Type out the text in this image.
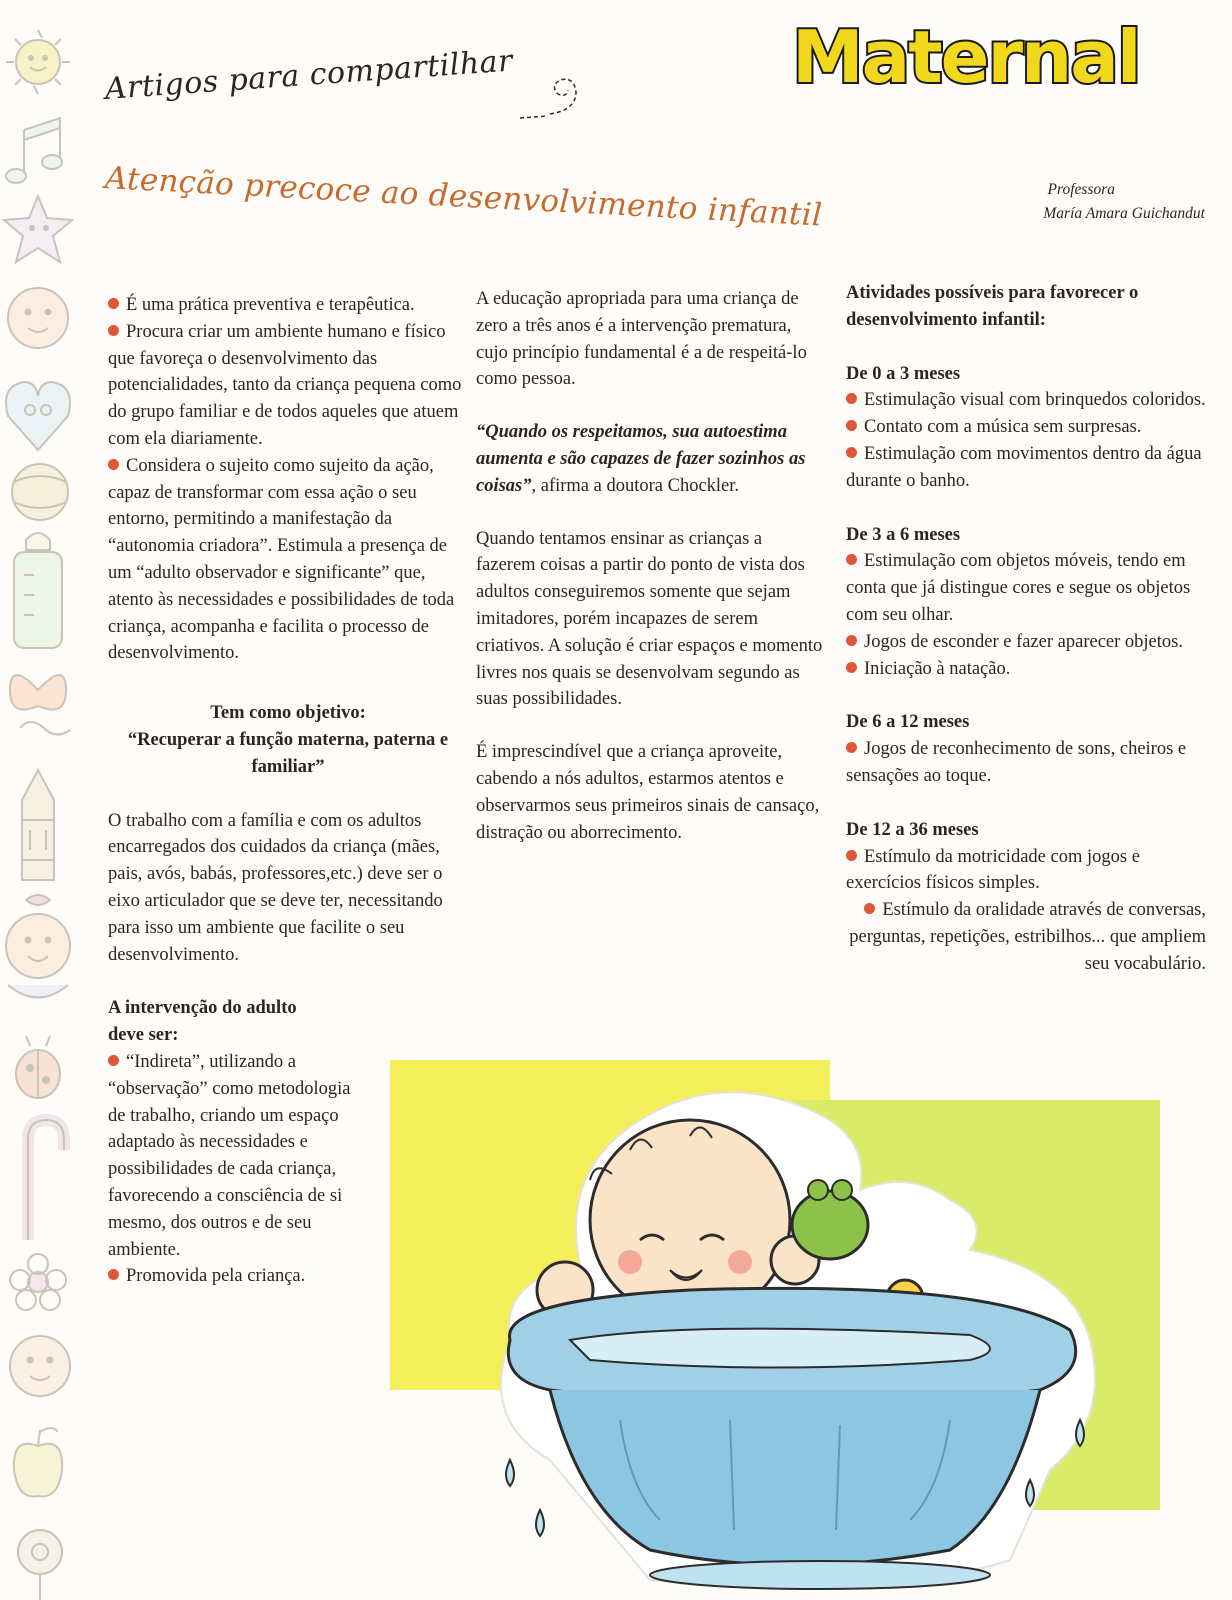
Artigos para compartilhar
Atenção precoce ao desenvolvimento infantil
Maternal
Professora
María Amara Guichandut

É uma prática preventiva e terapêutica.

Procura criar um ambiente humano e físico que favoreça o desenvolvimento das potencialidades, tanto da criança pequena como do grupo familiar e de todos aqueles que atuem com ela diariamente.

Considera o sujeito como sujeito da ação, capaz de transformar com essa ação o seu entorno, permitindo a manifestação da “autonomia criadora”. Estimula a presença de um “adulto observador e significante” que, atento às necessidades e possibilidades de toda criança, acompanha e facilita o processo de desenvolvimento.

Tem como objetivo:

“Recuperar a função materna, paterna e familiar”

O trabalho com a família e com os adultos encarregados dos cuidados da criança (mães, pais, avós, babás, professores,etc.) deve ser o eixo articulador que se deve ter, necessitando para isso um ambiente que facilite o seu desenvolvimento.

A intervenção do adulto deve ser:

“Indireta”, utilizando a “observação” como metodologia de trabalho, criando um espaço adaptado às necessidades e possibilidades de cada criança, favorecendo a consciência de si mesmo, dos outros e de seu ambiente.

Promovida pela criança.

A educação apropriada para uma criança de zero a três anos é a intervenção prematura, cujo princípio fundamental é a de respeitá-lo como pessoa.

“Quando os respeitamos, sua autoestima aumenta e são capazes de fazer sozinhos as coisas”, afirma a doutora Chockler.

Quando tentamos ensinar as crianças a fazerem coisas a partir do ponto de vista dos adultos conseguiremos somente que sejam imitadores, porém incapazes de serem criativos. A solução é criar espaços e momento livres nos quais se desenvolvam segundo as suas possibilidades.

É imprescindível que a criança aproveite, cabendo a nós adultos, estarmos atentos e observarmos seus primeiros sinais de cansaço, distração ou aborrecimento.

Atividades possíveis para favorecer o desenvolvimento infantil:

De 0 a 3 meses

Estimulação visual com brinquedos coloridos.

Contato com a música sem surpresas.

Estimulação com movimentos dentro da água durante o banho.

De 3 a 6 meses

Estimulação com objetos móveis, tendo em conta que já distingue cores e segue os objetos com seu olhar.

Jogos de esconder e fazer aparecer objetos.

Iniciação à natação.

De 6 a 12 meses

Jogos de reconhecimento de sons, cheiros e sensações ao toque.

De 12 a 36 meses

Estímulo da motricidade com jogos e exercícios físicos simples.

Estímulo da oralidade através de conversas, perguntas, repetições, estribilhos... que ampliem seu vocabulário.
